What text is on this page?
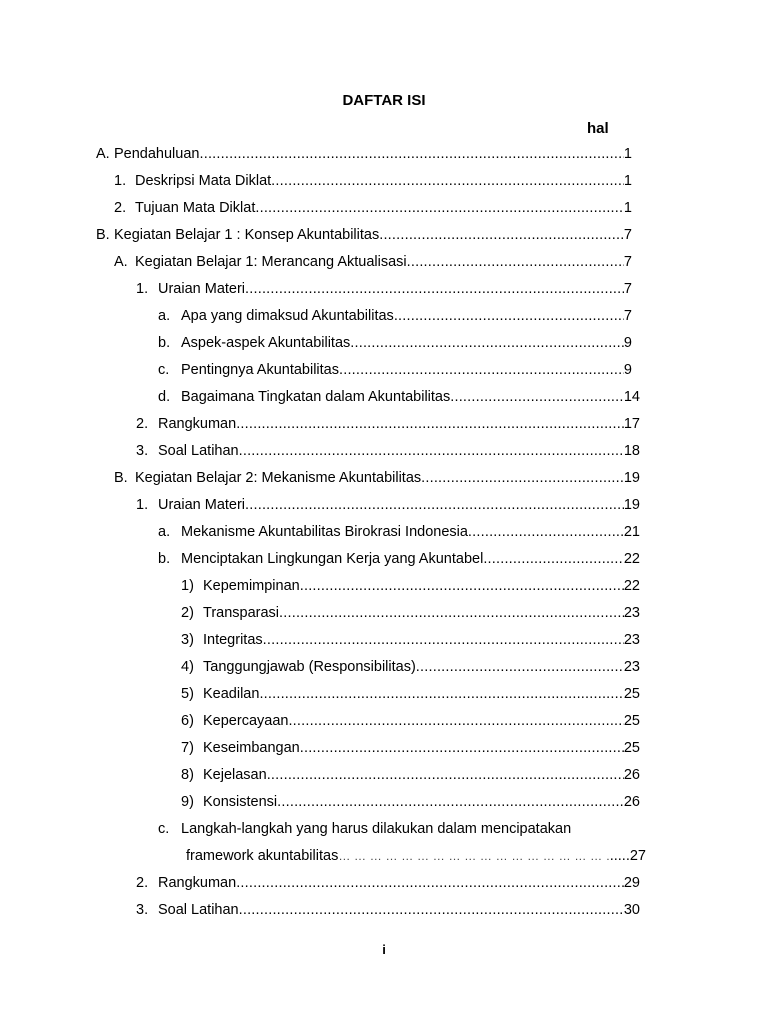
DAFTAR ISI
hal
A. Pendahuluan .....	1
1. Deskripsi Mata Diklat .....	1
2. Tujuan Mata Diklat .....	1
B. Kegiatan Belajar 1 : Konsep Akuntabilitas .....	7
A. Kegiatan Belajar 1: Merancang Aktualisasi .....	7
1. Uraian Materi .....	7
a. Apa yang dimaksud Akuntabilitas .....	7
b. Aspek-aspek Akuntabilitas .....	9
c. Pentingnya Akuntabilitas .....	9
d. Bagaimana Tingkatan dalam Akuntabilitas .....	14
2. Rangkuman .....	17
3. Soal Latihan .....	18
B. Kegiatan Belajar 2: Mekanisme Akuntabilitas .....	19
1. Uraian Materi .....	19
a. Mekanisme Akuntabilitas Birokrasi Indonesia .....	21
b. Menciptakan Lingkungan Kerja yang Akuntabel .....	22
1) Kepemimpinan .....	22
2) Transparasi .....	23
3) Integritas .....	23
4) Tanggungjawab (Responsibilitas) .....	23
5) Keadilan .....	25
6) Kepercayaan .....	25
7) Keseimbangan .....	25
8) Kejelasan .....	26
9) Konsistensi .....	26
c. Langkah-langkah yang harus dilakukan dalam mencipatakan
framework akuntabilitas … … … … … … … … … … … … … … … … … … … … … … … … … … … … … … … … … … … … … … … … ……	.....27
2. Rangkuman .....	29
3. Soal Latihan .....	30
i
